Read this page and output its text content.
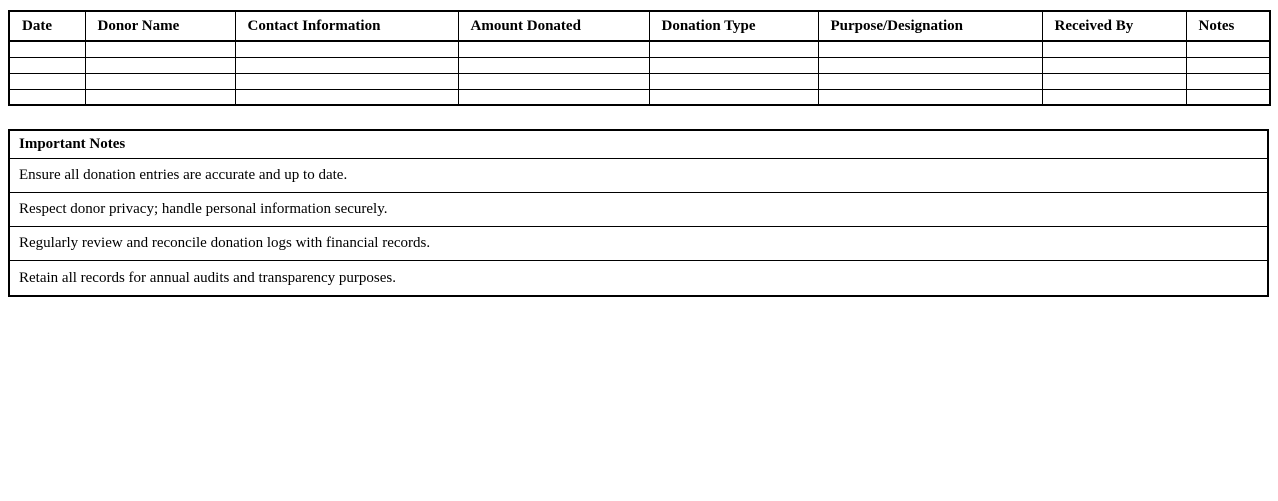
Date	Donor Name	Contact Information	Amount Donated	Donation Type	Purpose/Designation	Received By	Notes

Important Notes
Ensure all donation entries are accurate and up to date.
Respect donor privacy; handle personal information securely.
Regularly review and reconcile donation logs with financial records.
Retain all records for annual audits and transparency purposes.
